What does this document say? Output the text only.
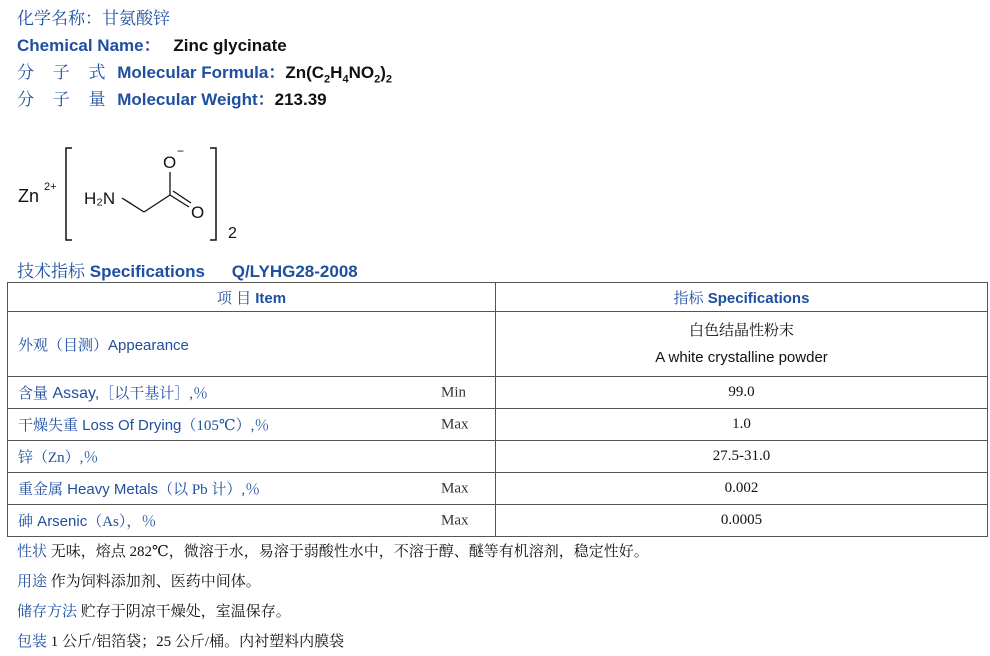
化学名称：甘氨酸锌
Chemical Name： Zinc glycinate
分 子 式 Molecular Formula：$Zn(C_2H_4NO_2)_2$
分 子 量 Molecular Weight：213.39
Zn 2+
H₂N
O
−
O
2
技术指标 Specifications Q/LYHG28-2008
项 目 Item	指标 Specifications
外观（目测）Appearance	白色结晶性粉末
A white crystalline powder

含量 Assay,［以干基计］,％ Min	99.0
干燥失重 Loss Of Drying（105℃）,％ Max	1.0
锌（Zn）,％	27.5-31.0
重金属 Heavy Metals（以 Pb 计）,％ Max	0.002
砷 Arsenic（As），％ Max	0.0005
性状 无味，熔点 282℃，微溶于水，易溶于弱酸性水中，不溶于醇、醚等有机溶剂，稳定性好。
用途 作为饲料添加剂、医药中间体。
储存方法 贮存于阴凉干燥处，室温保存。
包装 1 公斤/铝箔袋；25 公斤/桶。内衬塑料内膜袋
